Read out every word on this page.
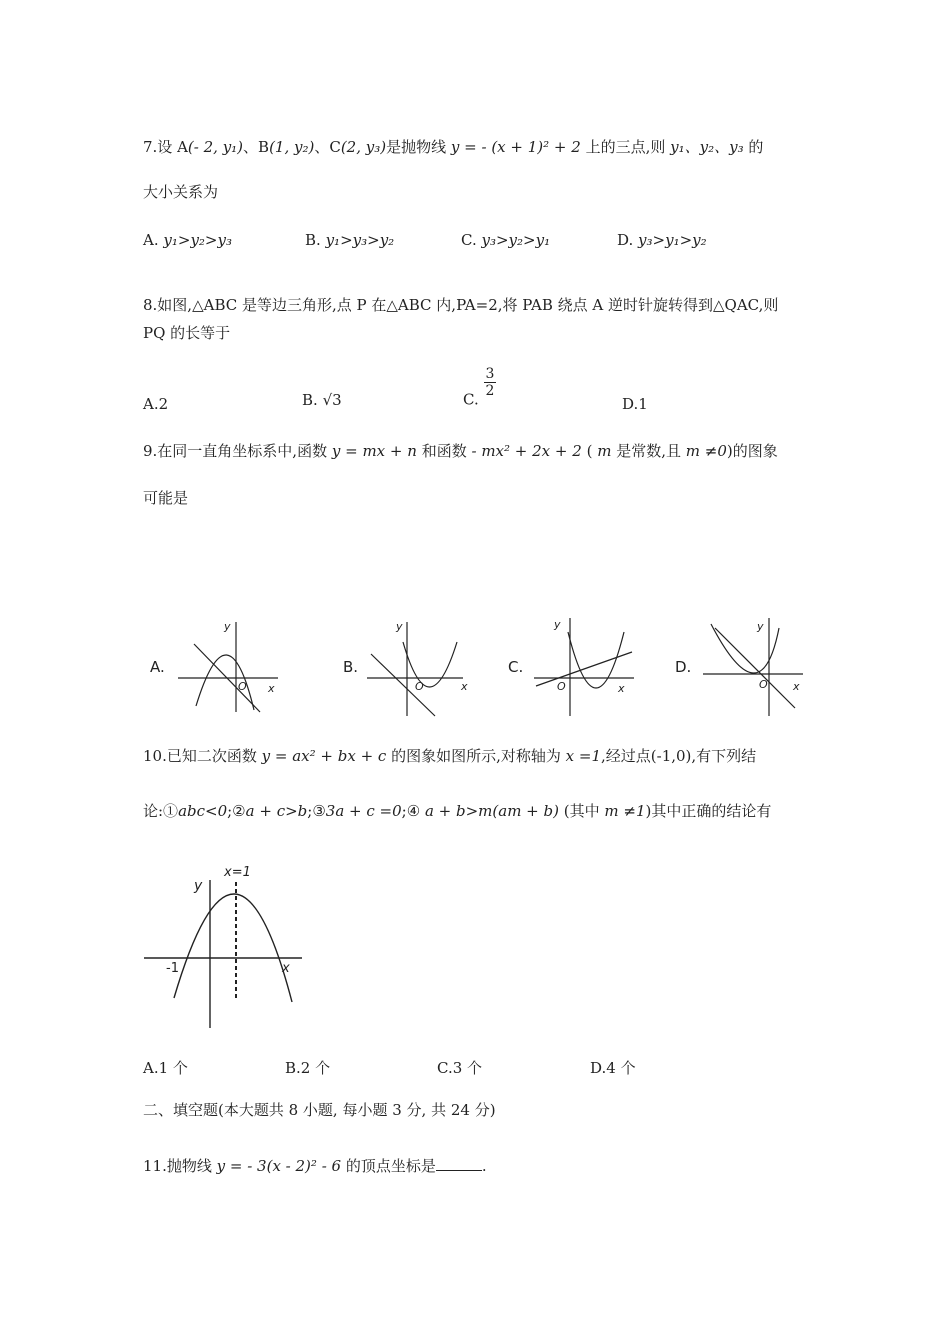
7.设 A(- 2, y₁)、B(1, y₂)、C(2, y₃)是抛物线 y = - (x + 1)² + 2 上的三点,则 y₁、y₂、y₃ 的
大小关系为
A. y₁>y₂>y₃	B. y₁>y₃>y₂	C. y₃>y₂>y₁	D. y₃>y₁>y₂
8.如图,△ABC 是等边三角形,点 P 在△ABC 内,PA=2,将 PAB 绕点 A 逆时针旋转得到△QAC,则
PQ 的长等于
A.2	B. √3	C.
$\frac{3}{2}$
D.1
9.在同一直角坐标系中,函数 y = mx + n 和函数 - mx² + 2x + 2 ( m 是常数,且 m ≠0)的图象
可能是
A.
y
x
O
B.
y
x
O
C.
y
x
O
D.
y
x
O
10.已知二次函数 y = ax² + bx + c 的图象如图所示,对称轴为 x =1,经过点(-1,0),有下列结
论:①abc<0;②a + c>b;③3a + c =0;④ a + b>m(am + b) (其中 m ≠1)其中正确的结论有
y
x
-1
x=1
A.1 个	B.2 个	C.3 个	D.4 个
二、填空题(本大题共 8 小题, 每小题 3 分, 共 24 分)
11.抛物线 y = - 3(x - 2)² - 6 的顶点坐标是	.
